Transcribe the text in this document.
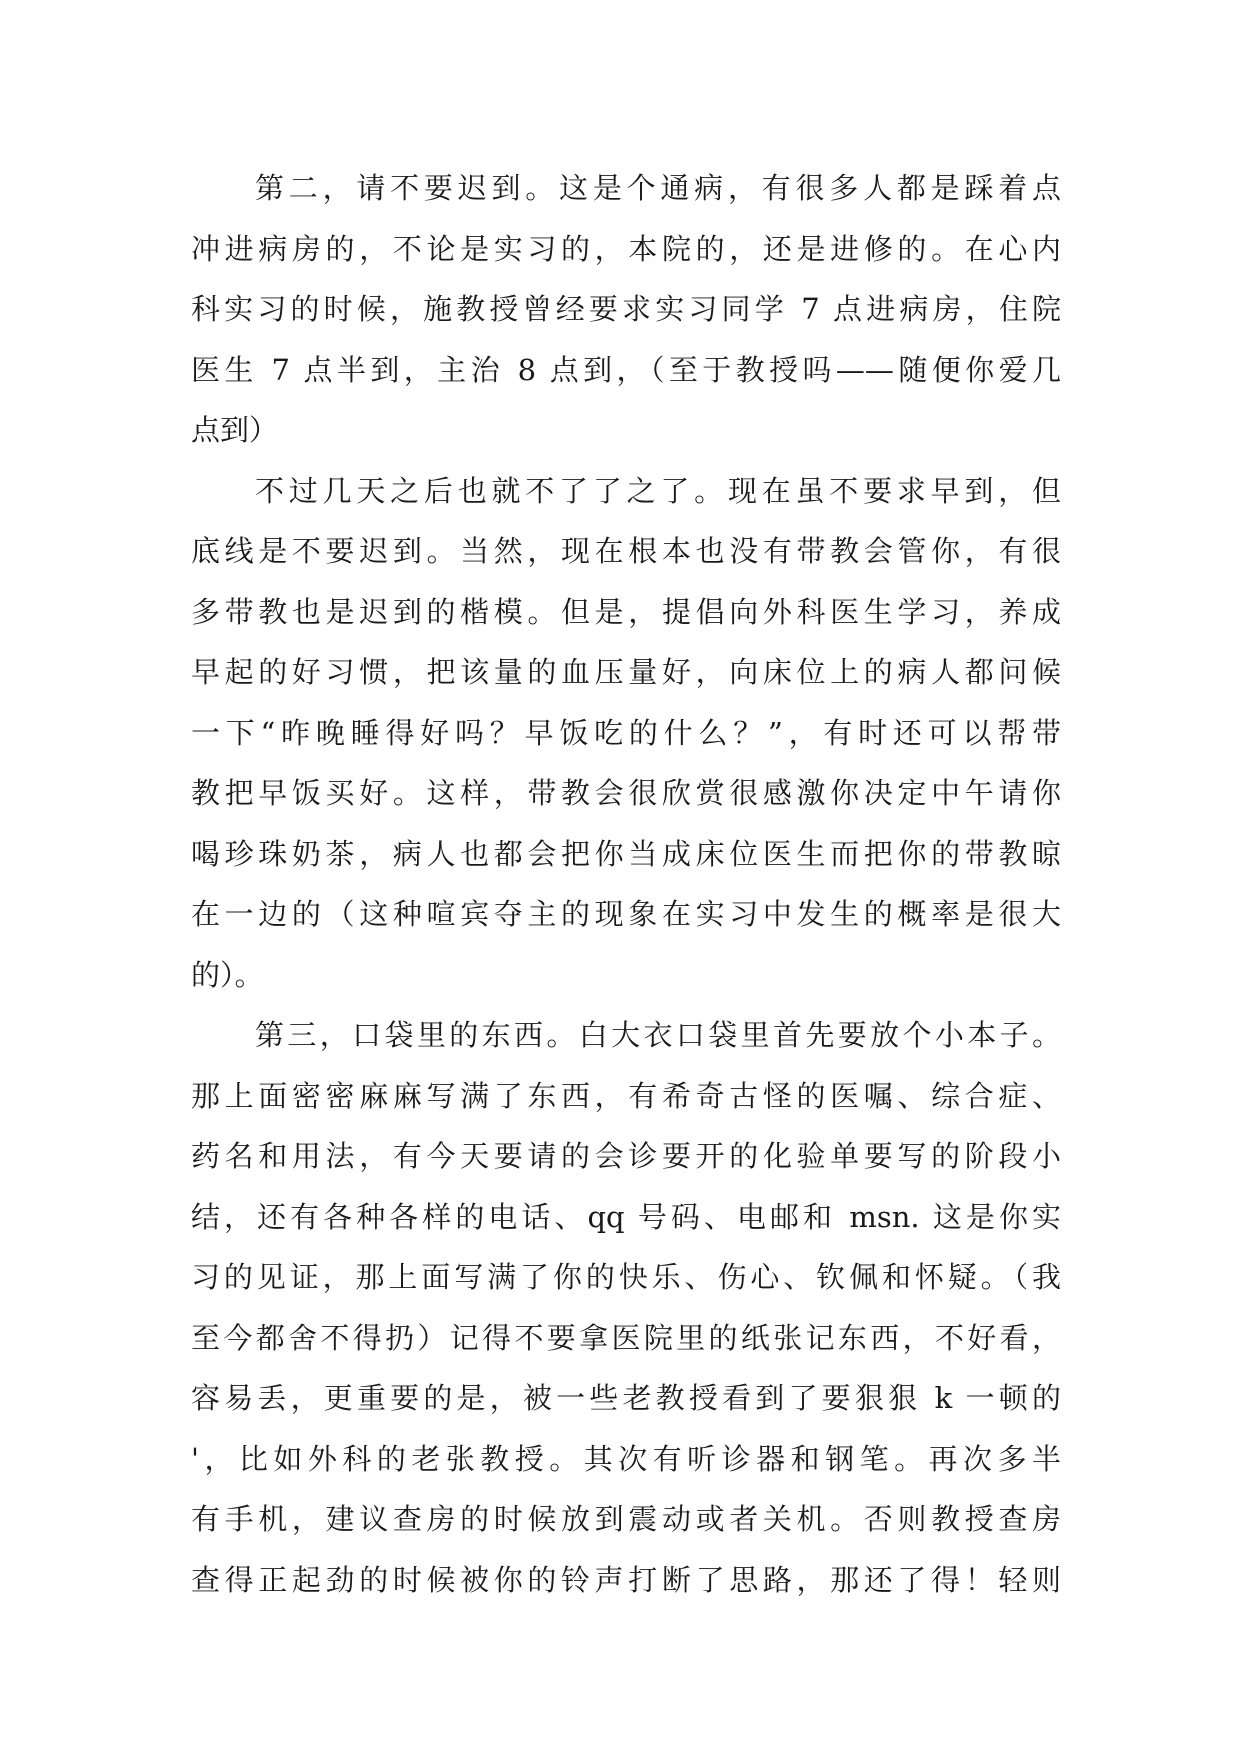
第二，请不要迟到。这是个通病，有很多人都是踩着点
冲进病房的，不论是实习的，本院的，还是进修的。在心内
科实习的时候，施教授曾经要求实习同学 7 点进病房，住院
医生 7 点半到，主治 8 点到，（至于教授吗——随便你爱几
点到）
不过几天之后也就不了了之了。现在虽不要求早到，但
底线是不要迟到。当然，现在根本也没有带教会管你，有很
多带教也是迟到的楷模。但是，提倡向外科医生学习，养成
早起的好习惯，把该量的血压量好，向床位上的病人都问候
一下“昨晚睡得好吗？早饭吃的什么？”，有时还可以帮带
教把早饭买好。这样，带教会很欣赏很感激你决定中午请你
喝珍珠奶茶，病人也都会把你当成床位医生而把你的带教晾
在一边的（这种喧宾夺主的现象在实习中发生的概率是很大
的）。
第三，口袋里的东西。白大衣口袋里首先要放个小本子。
那上面密密麻麻写满了东西，有希奇古怪的医嘱、综合症、
药名和用法，有今天要请的会诊要开的化验单要写的阶段小
结，还有各种各样的电话、qq 号码、电邮和 msn. 这是你实
习的见证，那上面写满了你的快乐、伤心、钦佩和怀疑。（我
至今都舍不得扔）记得不要拿医院里的纸张记东西，不好看，
容易丢，更重要的是，被一些老教授看到了要狠狠 k 一顿的
'，比如外科的老张教授。其次有听诊器和钢笔。再次多半
有手机，建议查房的时候放到震动或者关机。否则教授查房
查得正起劲的时候被你的铃声打断了思路，那还了得！轻则
